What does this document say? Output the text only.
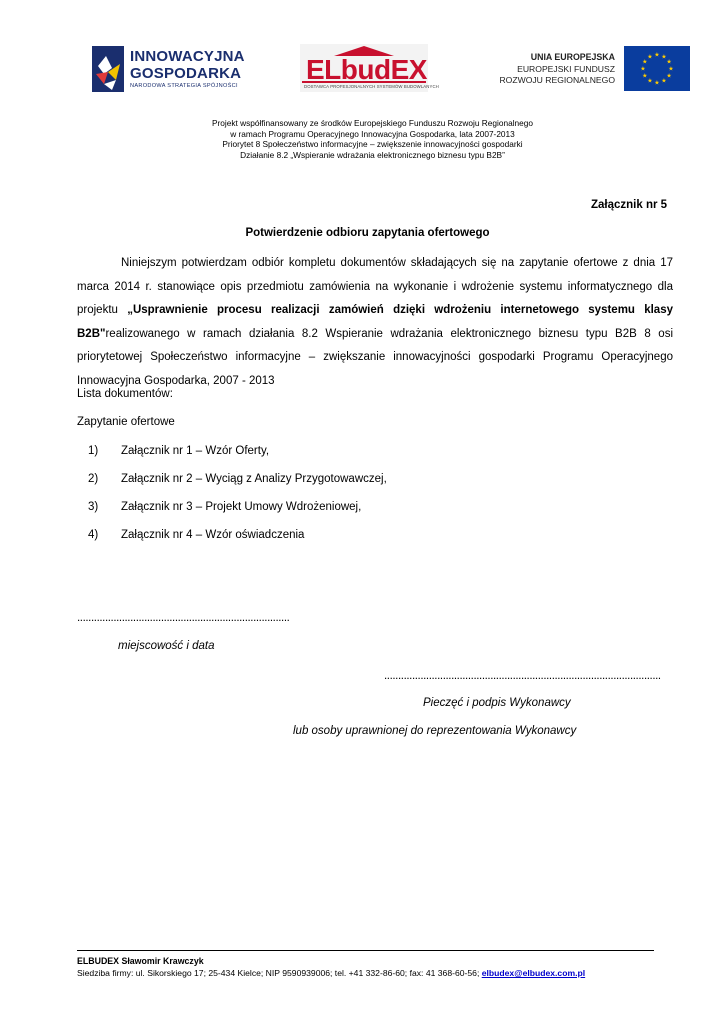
INNOWACYJNA
GOSPODARKA
NARODOWA STRATEGIA SPÓJNOŚCI
ELbudEX
DOSTAWCA PROFESJONALNYCH SYSTEMÓW BUDOWLANYCH
UNIA EUROPEJSKA
EUROPEJSKI FUNDUSZ
ROZWOJU REGIONALNEGO
★ ★
★
★
★
★
★
★
★
★
★
★
Projekt współfinansowany ze środków Europejskiego Funduszu Rozwoju Regionalnego
w ramach Programu Operacyjnego Innowacyjna Gospodarka, lata 2007-2013
Priorytet 8 Społeczeństwo informacyjne – zwiększenie innowacyjności gospodarki
Działanie 8.2 „Wspieranie wdrażania elektronicznego biznesu typu B2B”
Załącznik nr 5
Potwierdzenie odbioru zapytania ofertowego
Niniejszym potwierdzam odbiór kompletu dokumentów składających się na zapytanie ofertowe z dnia 17 marca 2014 r. stanowiące opis przedmiotu zamówienia na wykonanie i wdrożenie systemu informatycznego dla projektu „Usprawnienie procesu realizacji zamówień dzięki wdrożeniu internetowego systemu klasy B2B"realizowanego w ramach działania 8.2 Wspieranie wdrażania elektronicznego biznesu typu B2B 8 osi priorytetowej Społeczeństwo informacyjne – zwiększanie innowacyjności gospodarki Programu Operacyjnego Innowacyjna Gospodarka, 2007 - 2013
Lista dokumentów:
Zapytanie ofertowe
1) Załącznik nr 1 – Wzór Oferty,
2) Załącznik nr 2 – Wyciąg z Analizy Przygotowawczej,
3) Załącznik nr 3 – Projekt Umowy Wdrożeniowej,
4) Załącznik nr 4 – Wzór oświadczenia
............................................................................
miejscowość i data
...................................................................................................
Pieczęć i podpis Wykonawcy
lub osoby uprawnionej do reprezentowania Wykonawcy
ELBUDEX Sławomir Krawczyk
Siedziba firmy: ul. Sikorskiego 17; 25-434 Kielce; NIP 9590939006; tel. +41 332-86-60; fax: 41 368-60-56; elbudex@elbudex.com.pl
